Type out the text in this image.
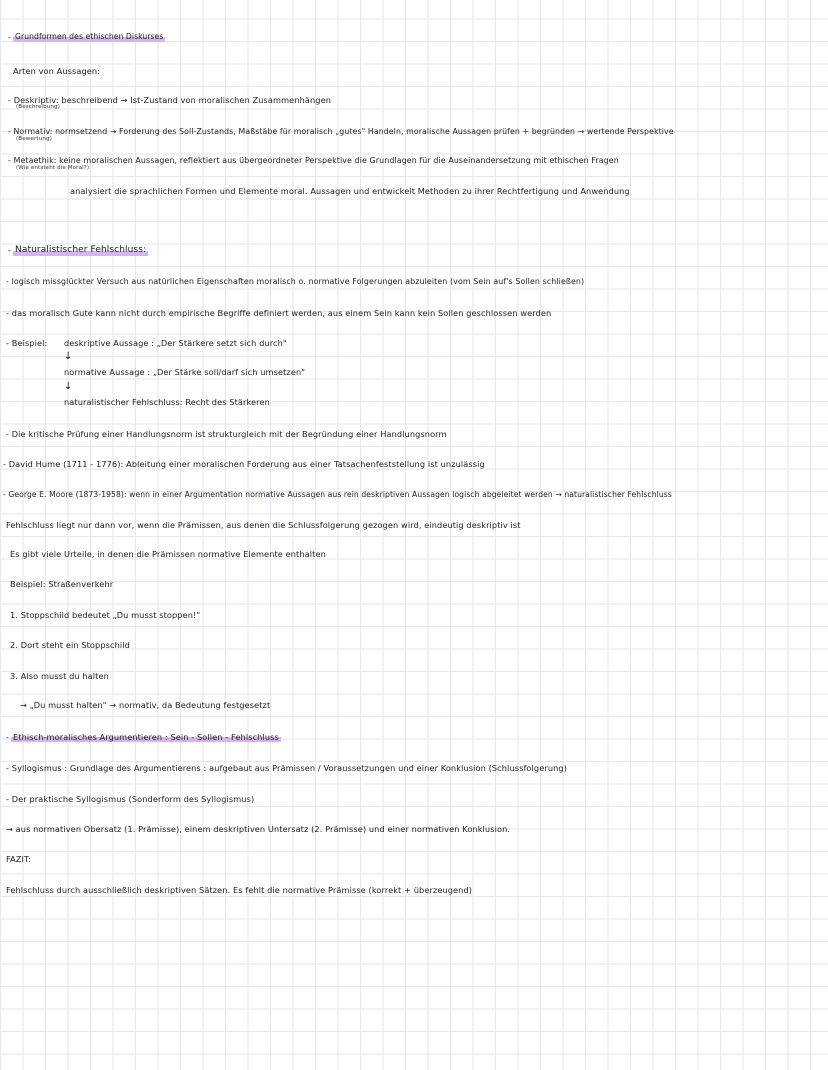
- Grundformen des ethischen Diskurses
Arten von Aussagen:
- Deskriptiv: beschreibend → Ist-Zustand von moralischen Zusammenhängen
(Beschreibung)
- Normativ: normsetzend → Forderung des Soll-Zustands, Maßstäbe für moralisch „gutes" Handeln, moralische Aussagen prüfen + begründen → wertende Perspektive
(Bewertung)
- Metaethik: keine moralischen Aussagen, reflektiert aus übergeordneter Perspektive die Grundlagen für die Auseinandersetzung mit ethischen Fragen
(Wie entsteht die Moral?)
analysiert die sprachlichen Formen und Elemente moral. Aussagen und entwickelt Methoden zu ihrer Rechtfertigung und Anwendung
- Naturalistischer Fehlschluss:
- logisch missglückter Versuch aus natürlichen Eigenschaften moralisch o. normative Folgerungen abzuleiten (vom Sein auf's Sollen schließen)
- das moralisch Gute kann nicht durch empirische Begriffe definiert werden, aus einem Sein kann kein Sollen geschlossen werden
- Beispiel: deskriptive Aussage : „Der Stärkere setzt sich durch"
↓
normative Aussage : „Der Stärke soll/darf sich umsetzen"
↓
naturalistischer Fehlschluss: Recht des Stärkeren
- Die kritische Prüfung einer Handlungsnorm ist strukturgleich mit der Begründung einer Handlungsnorm
- David Hume (1711 - 1776): Ableitung einer moralischen Forderung aus einer Tatsachenfeststellung ist unzulässig
- George E. Moore (1873-1958): wenn in einer Argumentation normative Aussagen aus rein deskriptiven Aussagen logisch abgeleitet werden → naturalistischer Fehlschluss
Fehlschluss liegt nur dann vor, wenn die Prämissen, aus denen die Schlussfolgerung gezogen wird, eindeutig deskriptiv ist
Es gibt viele Urteile, in denen die Prämissen normative Elemente enthalten
Beispiel: Straßenverkehr
1. Stoppschild bedeutet „Du musst stoppen!"
2. Dort steht ein Stoppschild
3. Also musst du halten
→ „Du musst halten" → normativ, da Bedeutung festgesetzt
- Ethisch-moralisches Argumentieren : Sein - Sollen - Fehlschluss
- Syllogismus : Grundlage des Argumentierens : aufgebaut aus Prämissen / Voraussetzungen und einer Konklusion (Schlussfolgerung)
- Der praktische Syllogismus (Sonderform des Syllogismus)
→ aus normativen Obersatz (1. Prämisse), einem deskriptiven Untersatz (2. Prämisse) und einer normativen Konklusion.
FAZIT:
Fehlschluss durch ausschließlich deskriptiven Sätzen. Es fehlt die normative Prämisse (korrekt + überzeugend)
